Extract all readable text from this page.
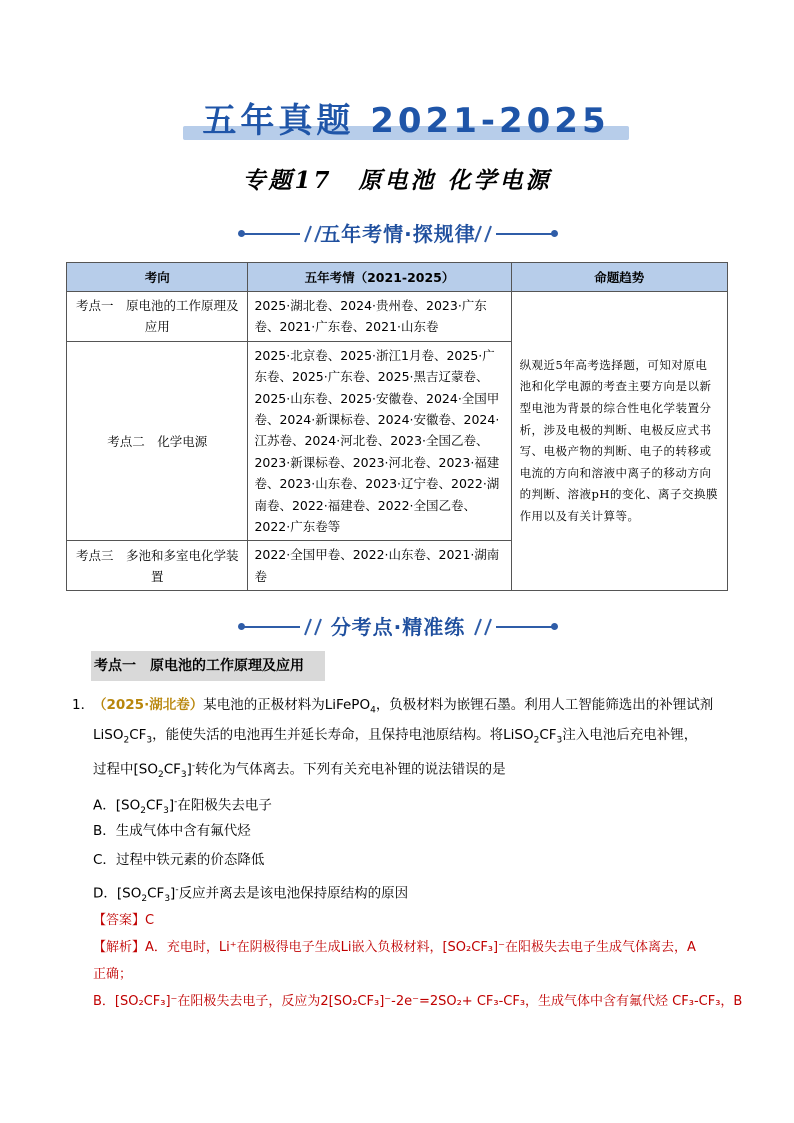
五年真题 2021-2025
专题17　原电池 化学电源
五年考情·探规律
考向	五年考情（2021-2025）	命题趋势
考点一　原电池的工作原理及应用	2025·湖北卷、2024·贵州卷、2023·广东卷、2021·广东卷、2021·山东卷	纵观近5年高考选择题，可知对原电池和化学电源的考查主要方向是以新型电池为背景的综合性电化学装置分析，涉及电极的判断、电极反应式书写、电极产物的判断、电子的转移或电流的方向和溶液中离子的移动方向的判断、溶液pH的变化、离子交换膜作用以及有关计算等。
考点二　化学电源	2025·北京卷、2025·浙江1月卷、2025·广东卷、2025·广东卷、2025·黑吉辽蒙卷、2025·山东卷、2025·安徽卷、2024·全国甲卷、2024·新课标卷、2024·安徽卷、2024·江苏卷、2024·河北卷、2023·全国乙卷、2023·新课标卷、2023·河北卷、2023·福建卷、2023·山东卷、2023·辽宁卷、2022·湖南卷、2022·福建卷、2022·全国乙卷、2022·广东卷等	
考点三　多池和多室电化学装置	2022·全国甲卷、2022·山东卷、2021·湖南卷	
分考点·精准练
考点一　原电池的工作原理及应用
1．
（2025·湖北卷）某电池的正极材料为LiFePO$_4$，负极材料为嵌锂石墨。利用人工智能筛选出的补锂试剂
$LiSO_2CF_3$，能使失活的电池再生并延长寿命，且保持电池原结构。将$LiSO_2CF_3$注入电池后充电补锂，
过程中$[SO_2CF_3]^-$转化为气体离去。下列有关充电补锂的说法错误的是
A．$[SO_2CF_3]^-$在阳极失去电子
B．生成气体中含有氟代烃
C．过程中铁元素的价态降低
D．$[SO_2CF_3]^-$反应并离去是该电池保持原结构的原因
【答案】C
【解析】A．充电时，Li⁺在阴极得电子生成Li嵌入负极材料，[SO₂CF₃]⁻在阳极失去电子生成气体离去，A
正确；
B．[SO₂CF₃]⁻在阳极失去电子，反应为2[SO₂CF₃]⁻-2e⁻=2SO₂+ CF₃-CF₃，生成气体中含有氟代烃 CF₃-CF₃，B
